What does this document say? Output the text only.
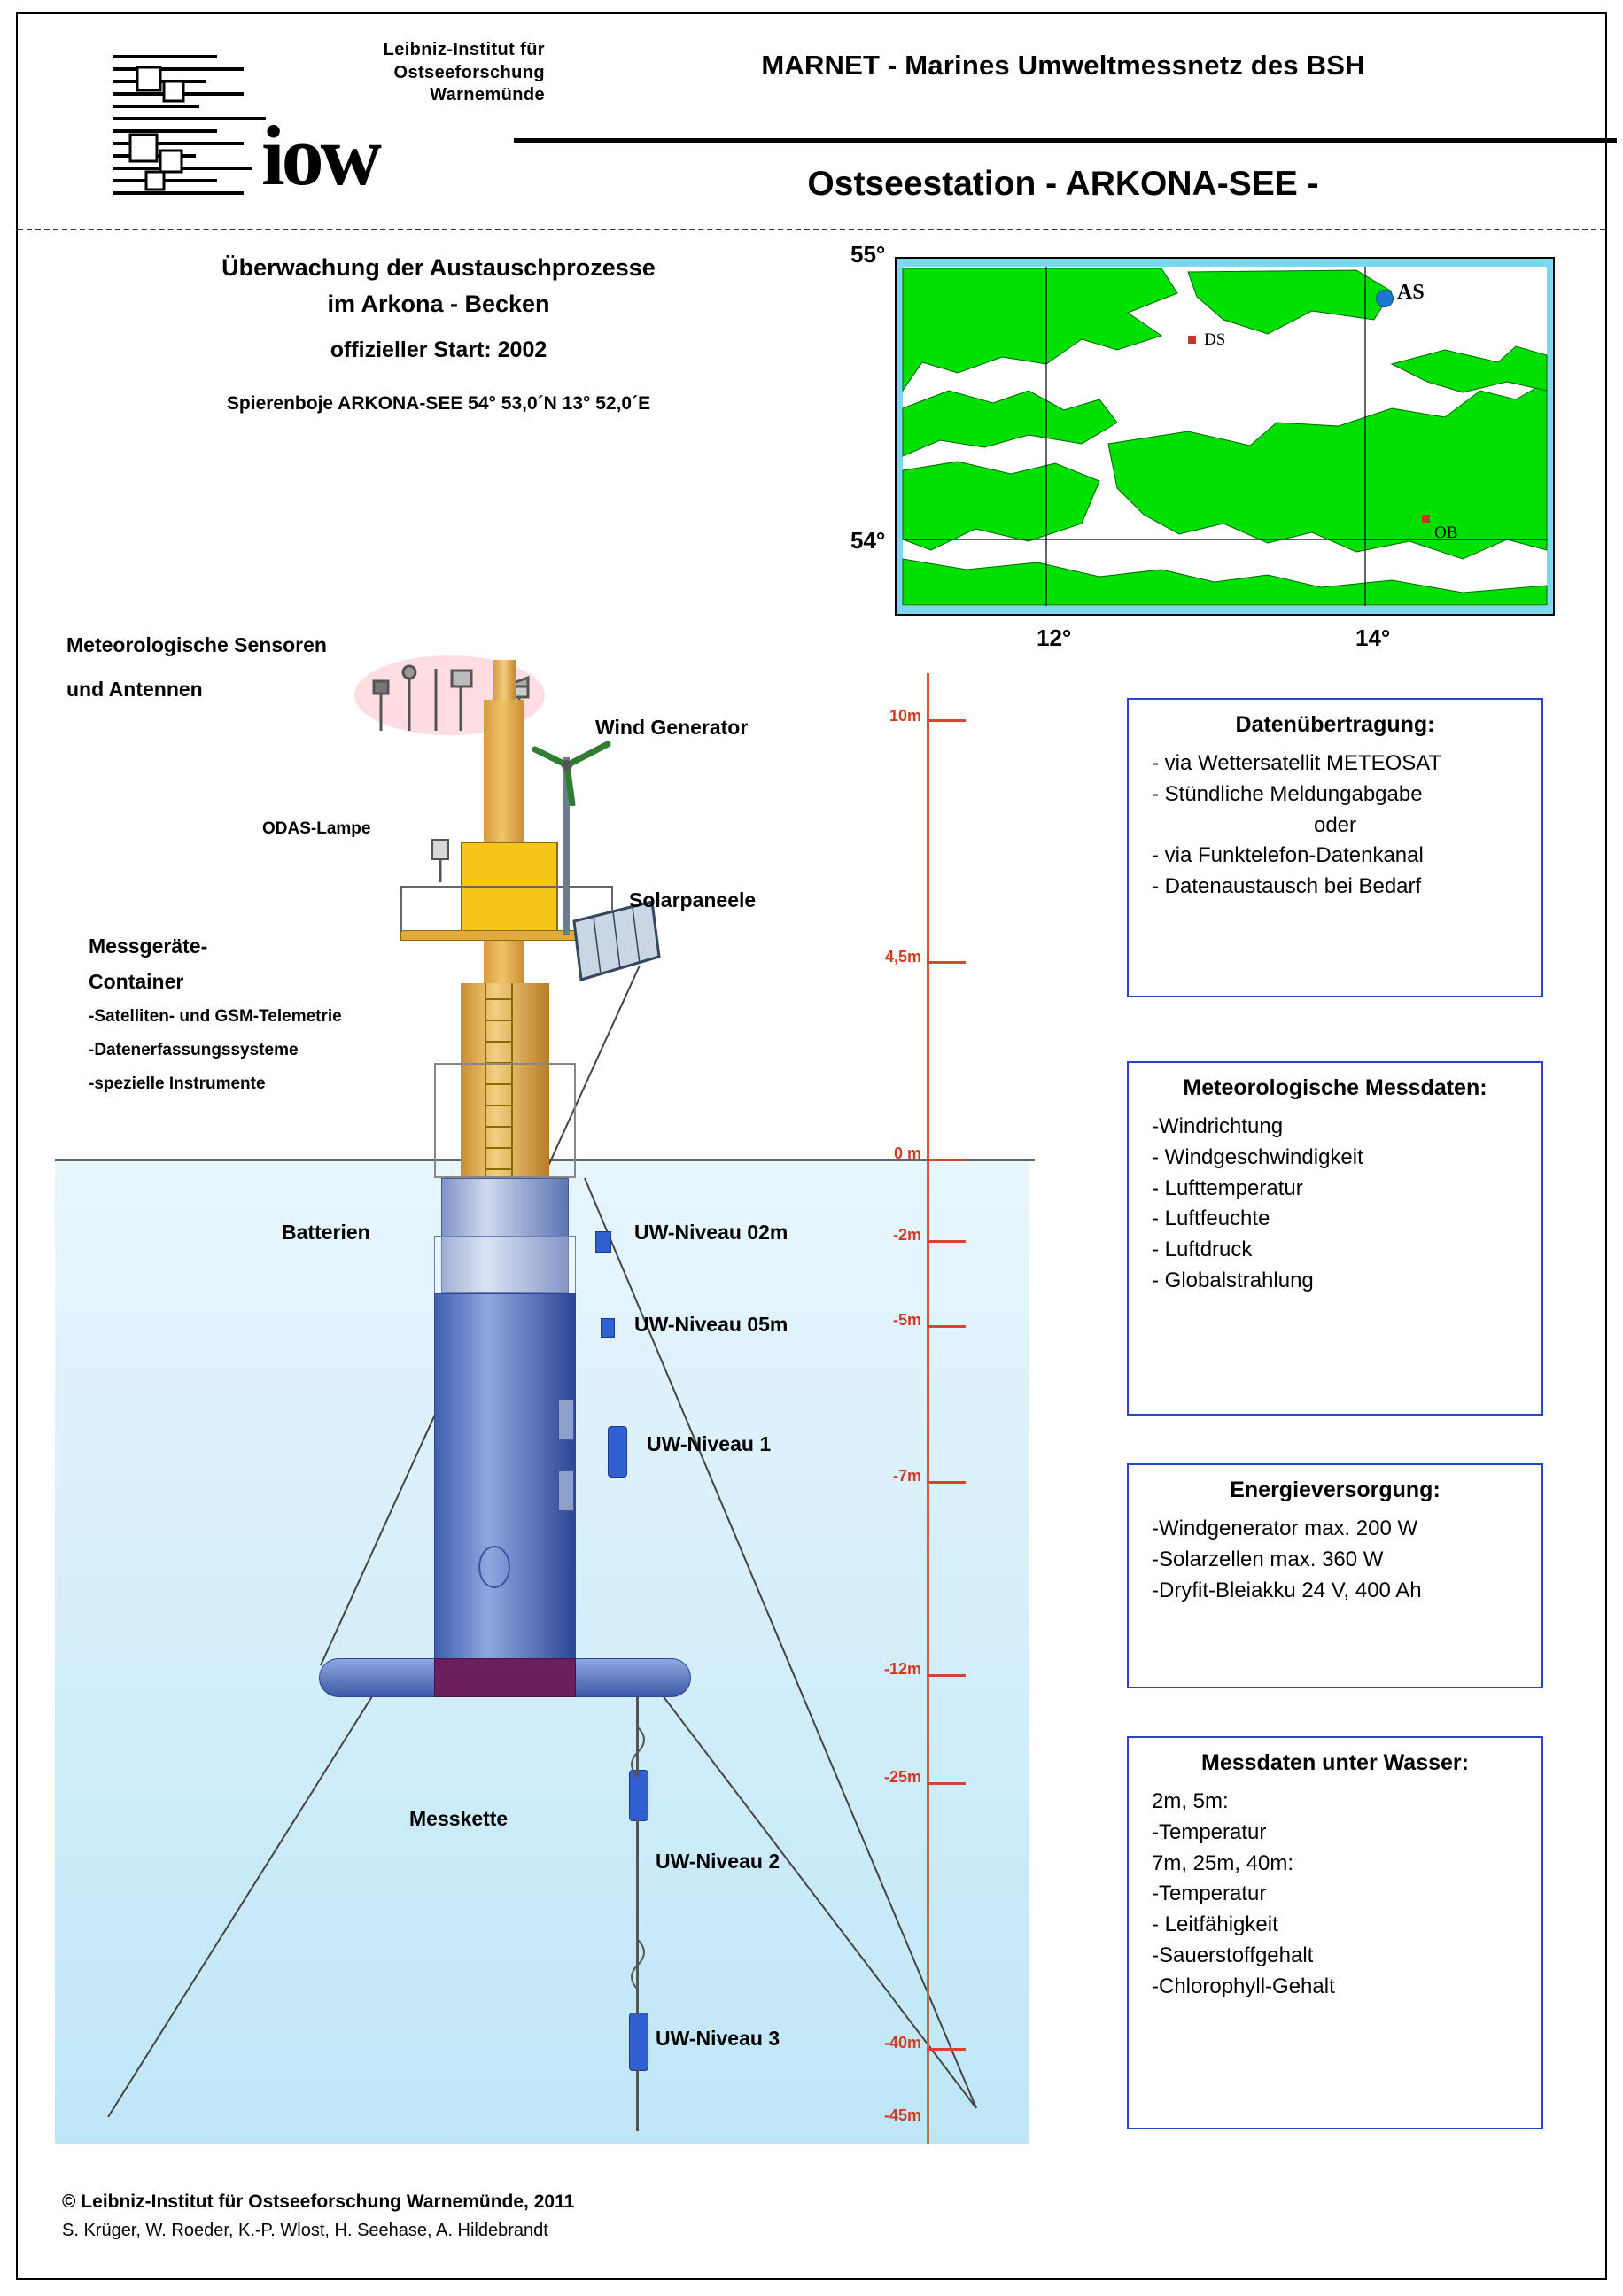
Leibniz-Institut für
Ostseeforschung
Warnemünde
iow
MARNET - Marines Umweltmessnetz des BSH
Ostseestation - ARKONA-SEE -
Überwachung der Austauschprozesse
im Arkona - Becken
offizieller Start: 2002
Spierenboje ARKONA-SEE 54° 53,0´N 13° 52,0´E
55°
54°
12°	14°
AS
DS
OB
10m
4,5m
0 m
-2m
-5m
-7m
-12m
-25m
-40m
-45m
Meteorologische Sensoren
und Antennen
ODAS-Lampe
Wind Generator
Solarpaneele
Messgeräte-
Container
-Satelliten- und GSM-Telemetrie
-Datenerfassungssysteme
-spezielle Instrumente
Batterien	UW-Niveau 02m
UW-Niveau 05m
UW-Niveau 1
Messkette
UW-Niveau 2
UW-Niveau 3
Datenübertragung:
- via Wettersatellit METEOSAT
- Stündliche Meldungabgabe
oder
- via Funktelefon-Datenkanal
- Datenaustausch bei Bedarf
Meteorologische Messdaten:
-Windrichtung
- Windgeschwindigkeit
- Lufttemperatur
- Luftfeuchte
- Luftdruck
- Globalstrahlung
Energieversorgung:
-Windgenerator max. 200 W
-Solarzellen max. 360 W
-Dryfit-Bleiakku 24 V, 400 Ah
Messdaten unter Wasser:
2m, 5m:
-Temperatur
7m, 25m, 40m:
-Temperatur
- Leitfähigkeit
-Sauerstoffgehalt
-Chlorophyll-Gehalt
© Leibniz-Institut für Ostseeforschung Warnemünde, 2011
S. Krüger, W. Roeder, K.-P. Wlost, H. Seehase, A. Hildebrandt
